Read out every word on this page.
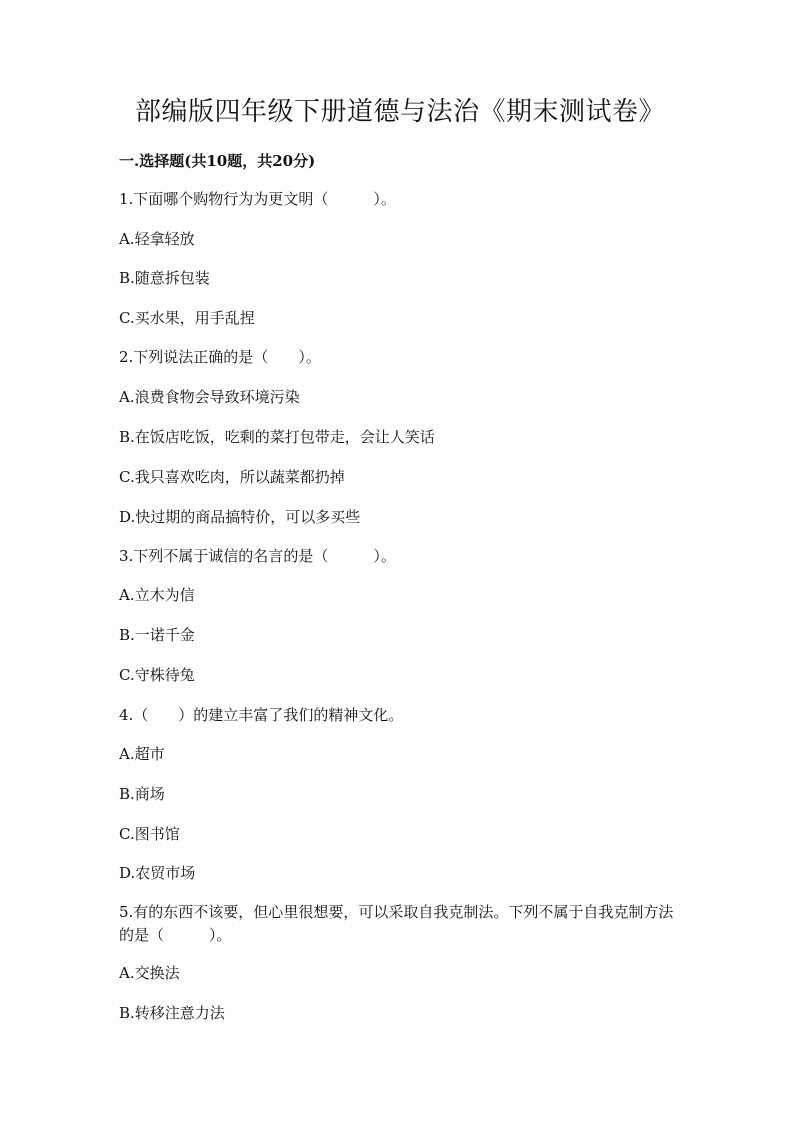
部编版四年级下册道德与法治《期末测试卷》
一.选择题(共10题，共20分)
1.下面哪个购物行为为更文明（　　　）。
A.轻拿轻放
B.随意拆包装
C.买水果，用手乱捏
2.下列说法正确的是（　　）。
A.浪费食物会导致环境污染
B.在饭店吃饭，吃剩的菜打包带走，会让人笑话
C.我只喜欢吃肉，所以蔬菜都扔掉
D.快过期的商品搞特价，可以多买些
3.下列不属于诚信的名言的是（　　　）。
A.立木为信
B.一诺千金
C.守株待兔
4.（　　）的建立丰富了我们的精神文化。
A.超市
B.商场
C.图书馆
D.农贸市场
5.有的东西不该要，但心里很想要，可以采取自我克制法。下列不属于自我克制方法的是（　　　）。
A.交换法
B.转移注意力法
